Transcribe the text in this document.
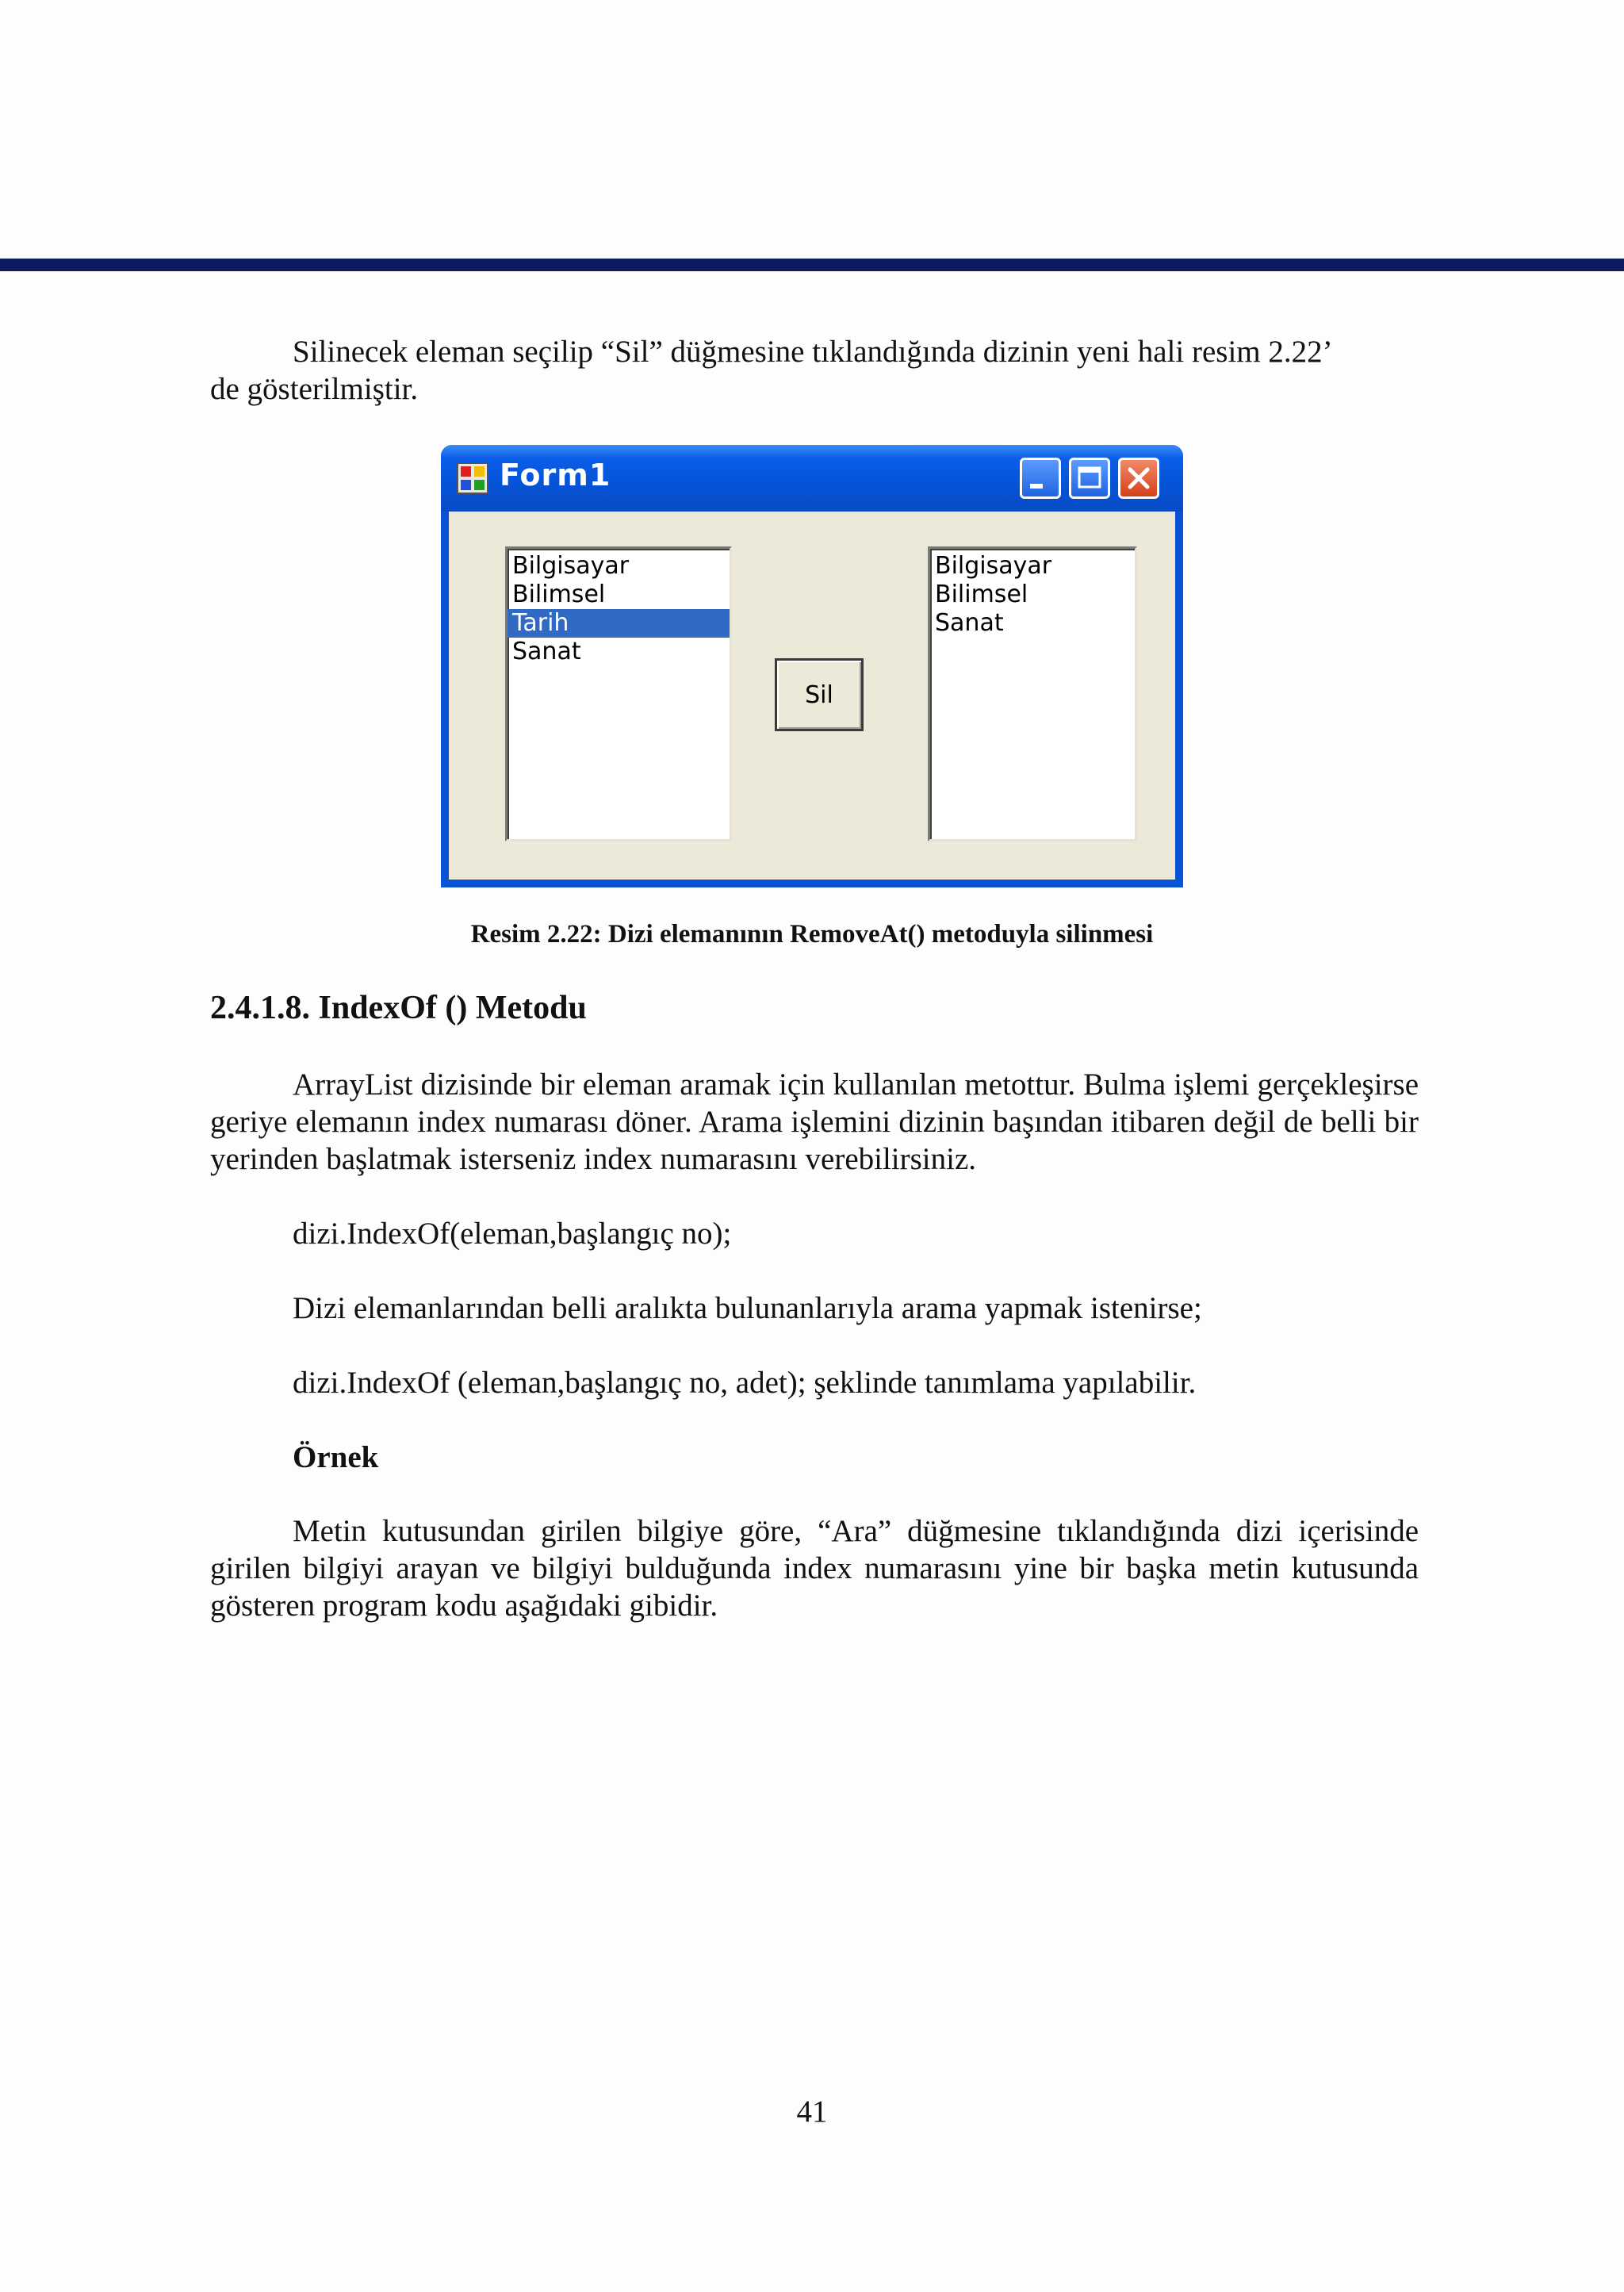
Silinecek eleman seçilip “Sil” düğmesine tıklandığında dizinin yeni hali resim 2.22’
de gösterilmiştir.

Form1
Bilgisayar
Bilimsel
Tarih
Sanat
Sil
Bilgisayar
Bilimsel
Sanat
Resim 2.22: Dizi elemanının RemoveAt() metoduyla silinmesi
2.4.1.8. IndexOf () Metodu

ArrayList dizisinde bir eleman aramak için kullanılan metottur. Bulma işlemi gerçekleşirse geriye elemanın index numarası döner. Arama işlemini dizinin başından itibaren değil de belli bir yerinden başlatmak isterseniz index numarasını verebilirsiniz.

dizi.IndexOf(eleman,başlangıç no);

Dizi elemanlarından belli aralıkta bulunanlarıyla arama yapmak istenirse;

dizi.IndexOf (eleman,başlangıç no, adet); şeklinde tanımlama yapılabilir.

Örnek

Metin kutusundan girilen bilgiye göre, “Ara” düğmesine tıklandığında dizi içerisinde girilen bilgiyi arayan ve bilgiyi bulduğunda index numarasını yine bir başka metin kutusunda gösteren program kodu aşağıdaki gibidir.

41
